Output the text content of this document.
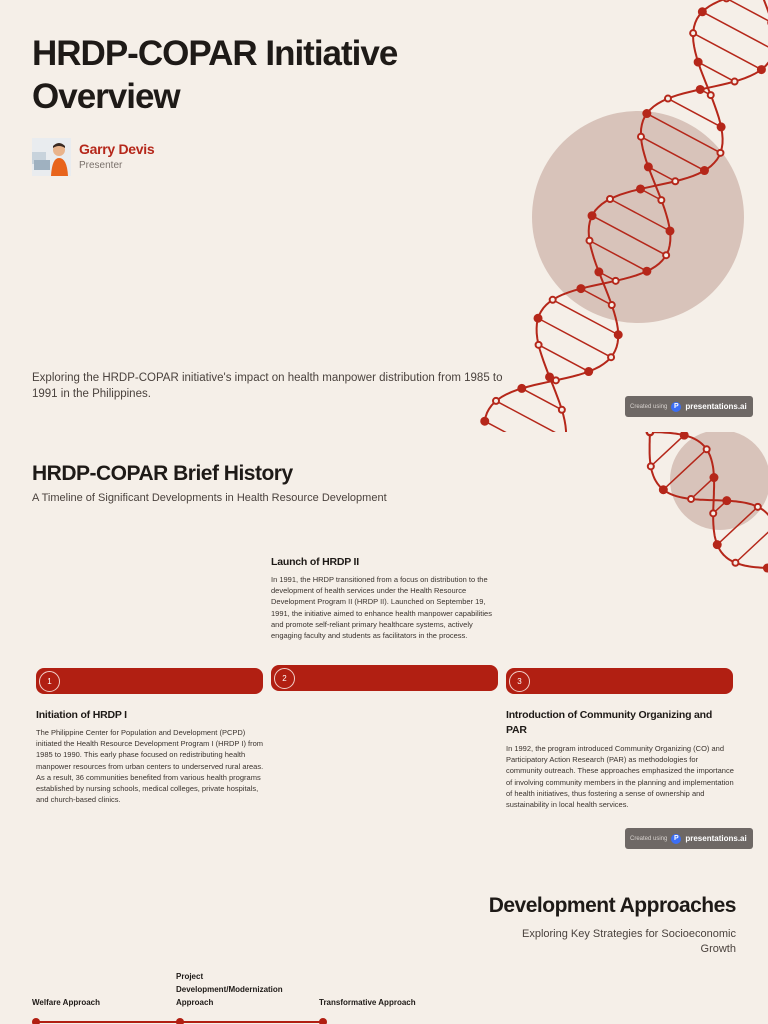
HRDP-COPAR Initiative Overview
Garry Devis
Presenter

Exploring the HRDP-COPAR initiative's impact on health manpower distribution from 1985 to 1991 in the Philippines.

Created using P presentations.ai
HRDP-COPAR Brief History
A Timeline of Significant Developments in Health Resource Development
Launch of HRDP II
In 1991, the HRDP transitioned from a focus on distribution to the development of health services under the Health Resource Development Program II (HRDP II). Launched on September 19, 1991, the initiative aimed to enhance health manpower capabilities and promote self-reliant primary healthcare systems, actively engaging faculty and students as facilitators in the process.
1	2	3
Initiation of HRDP I
The Philippine Center for Population and Development (PCPD) initiated the Health Resource Development Program I (HRDP I) from 1985 to 1990. This early phase focused on redistributing health manpower resources from urban centers to underserved rural areas. As a result, 36 communities benefited from various health programs established by nursing schools, medical colleges, private hospitals, and church-based clinics.
Introduction of Community Organizing and PAR
In 1992, the program introduced Community Organizing (CO) and Participatory Action Research (PAR) as methodologies for community outreach. These approaches emphasized the importance of involving community members in the planning and implementation of health initiatives, thus fostering a sense of ownership and sustainability in local health services.
Created using P presentations.ai
Development Approaches
Exploring Key Strategies for Socioeconomic Growth
Welfare Approach
Project Development/Modernization Approach	Transformative Approach
